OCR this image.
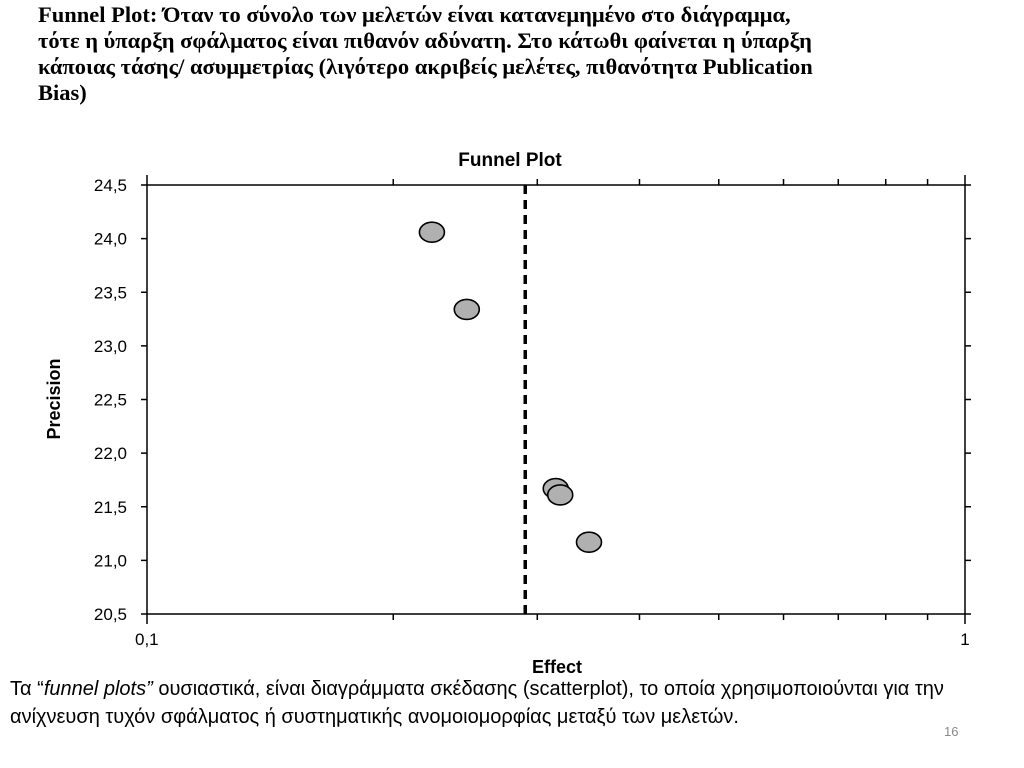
Funnel Plot: Όταν το σύνολο των μελετών είναι κατανεμημένο στο διάγραμμα,
τότε η ύπαρξη σφάλματος είναι πιθανόν αδύνατη. Στο κάτωθι φαίνεται η ύπαρξη
κάποιας τάσης/ ασυμμετρίας (λιγότερο ακριβείς μελέτες, πιθανότητα Publication
Bias)
Funnel Plot
20,5
21,0
21,5
22,0
22,5
23,0
23,5
24,0
24,5
0,1	1
Precision
Effect
Τα “funnel plots” ουσιαστικά, είναι διαγράμματα σκέδασης (scatterplot), το οποία χρησιμοποιούνται για την ανίχνευση τυχόν σφάλματος ή συστηματικής ανομοιομορφίας μεταξύ των μελετών.
16
